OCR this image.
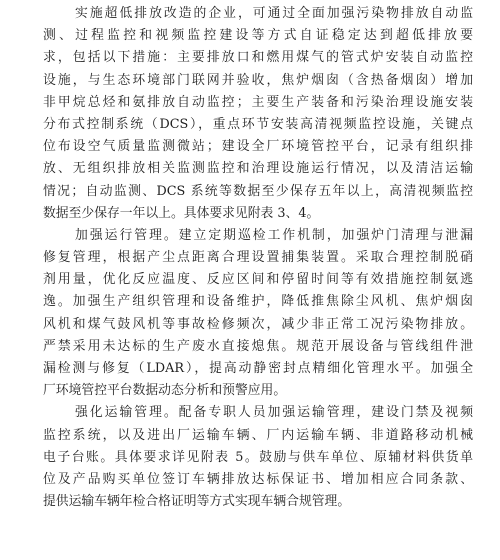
实施超低排放改造的企业，可通过全面加强污染物排放自动监
测、过程监控和视频监控建设等方式自证稳定达到超低排放要
求，包括以下措施：主要排放口和燃用煤气的管式炉安装自动监控
设施，与生态环境部门联网并验收，焦炉烟囱（含热备烟囱）增加
非甲烷总烃和氨排放自动监控；主要生产装备和污染治理设施安装
分布式控制系统（DCS），重点环节安装高清视频监控设施，关键点
位布设空气质量监测微站；建设全厂环境管控平台，记录有组织排
放、无组织排放相关监测监控和治理设施运行情况，以及清洁运输
情况；自动监测、DCS 系统等数据至少保存五年以上，高清视频监控
数据至少保存一年以上。具体要求见附表 3、4。
加强运行管理。建立定期巡检工作机制，加强炉门清理与泄漏
修复管理，根据产尘点距离合理设置捕集装置。采取合理控制脱硝
剂用量，优化反应温度、反应区间和停留时间等有效措施控制氨逃
逸。加强生产组织管理和设备维护，降低推焦除尘风机、焦炉烟囱
风机和煤气鼓风机等事故检修频次，减少非正常工况污染物排放。
严禁采用未达标的生产废水直接熄焦。规范开展设备与管线组件泄
漏检测与修复（LDAR），提高动静密封点精细化管理水平。加强全
厂环境管控平台数据动态分析和预警应用。
强化运输管理。配备专职人员加强运输管理，建设门禁及视频
监控系统，以及进出厂运输车辆、厂内运输车辆、非道路移动机械
电子台账。具体要求详见附表 5。鼓励与供车单位、原辅材料供货单
位及产品购买单位签订车辆排放达标保证书、增加相应合同条款、
提供运输车辆年检合格证明等方式实现车辆合规管理。
